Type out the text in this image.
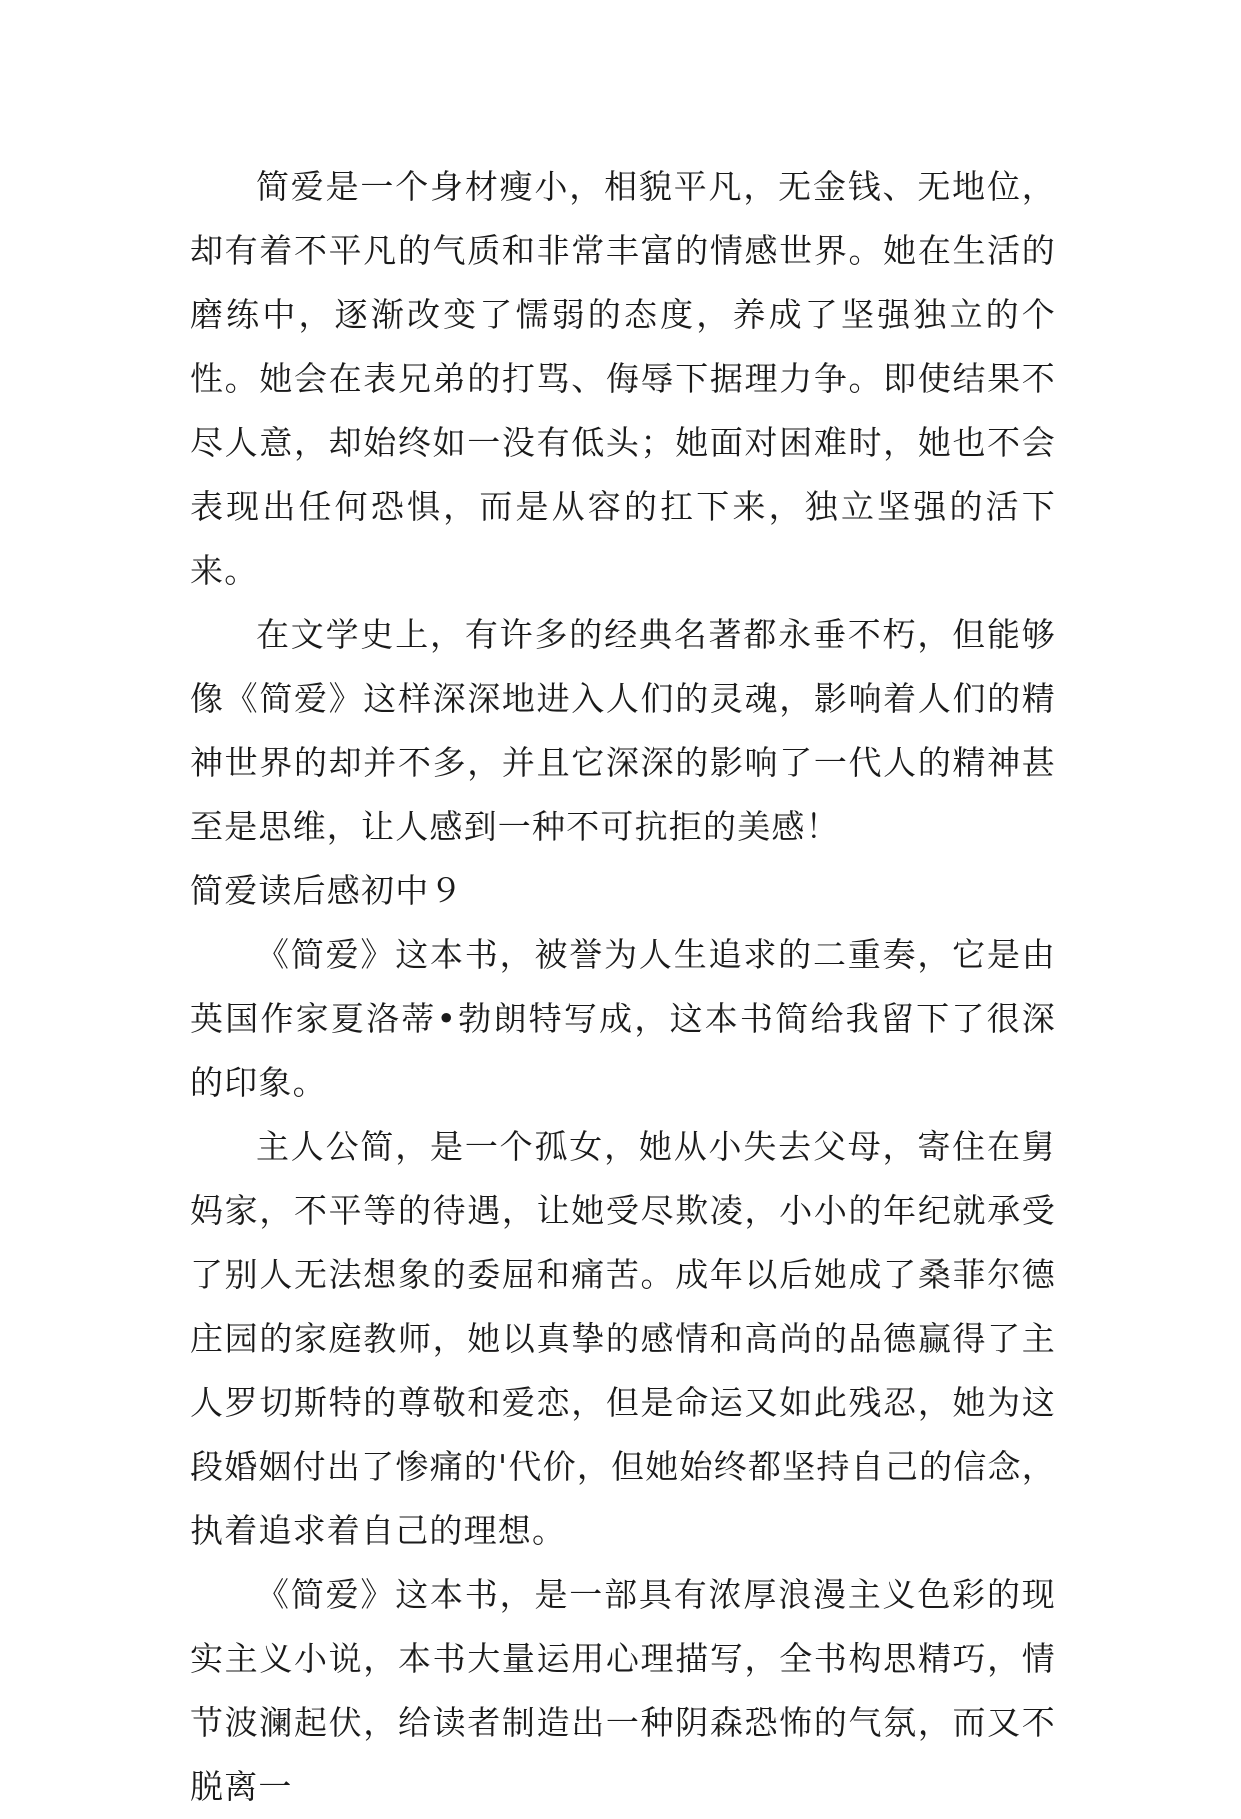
简爱是一个身材瘦小，相貌平凡，无金钱、无地位，却有着不平凡的气质和非常丰富的情感世界。她在生活的磨练中，逐渐改变了懦弱的态度，养成了坚强独立的个性。她会在表兄弟的打骂、侮辱下据理力争。即使结果不尽人意，却始终如一没有低头；她面对困难时，她也不会表现出任何恐惧，而是从容的扛下来，独立坚强的活下来。

在文学史上，有许多的经典名著都永垂不朽，但能够像《简爱》这样深深地进入人们的灵魂，影响着人们的精神世界的却并不多，并且它深深的影响了一代人的精神甚至是思维，让人感到一种不可抗拒的美感！

简爱读后感初中９

《简爱》这本书，被誉为人生追求的二重奏，它是由英国作家夏洛蒂•勃朗特写成，这本书简给我留下了很深的印象。

主人公简，是一个孤女，她从小失去父母，寄住在舅妈家，不平等的待遇，让她受尽欺凌，小小的年纪就承受了别人无法想象的委屈和痛苦。成年以后她成了桑菲尔德庄园的家庭教师，她以真挚的感情和高尚的品德赢得了主人罗切斯特的尊敬和爱恋，但是命运又如此残忍，她为这段婚姻付出了惨痛的'代价，但她始终都坚持自己的信念，执着追求着自己的理想。

《简爱》这本书，是一部具有浓厚浪漫主义色彩的现实主义小说，本书大量运用心理描写，全书构思精巧，情节波澜起伏，给读者制造出一种阴森恐怖的气氛，而又不脱离一
